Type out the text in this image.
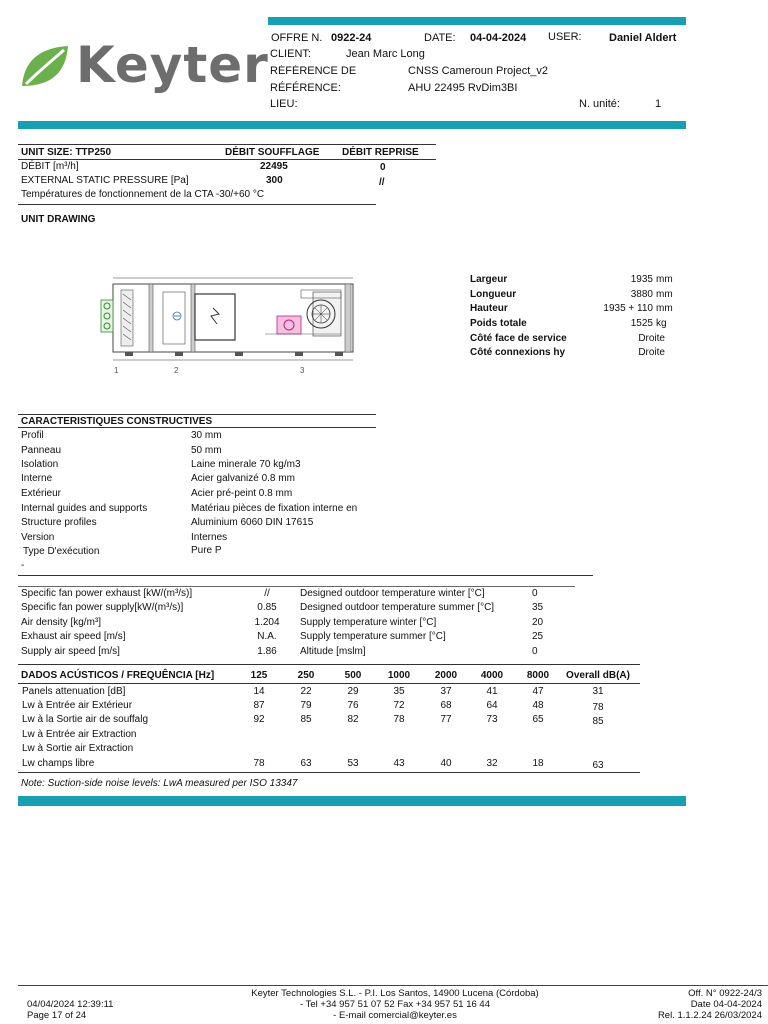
Keyter OFFRE N. 0922-24	DATE: 04-04-2024 USER: Daniel Aldert
CLIENT:	Jean Marc Long
RÉFÉRENCE DE	CNSS Cameroun Project_v2
RÉFÉRENCE:	AHU 22495 RvDim3BI
LIEU:	N. unité:	1
UNIT SIZE: TTP250	DÉBIT SOUFFLAGE DÉBIT REPRISE
DÉBIT [m³/h]	22495	0
EXTERNAL STATIC PRESSURE [Pa]	300	//
Températures de fonctionnement de la CTA -30/+60 °C
UNIT DRAWING
1	2	3
Largeur	1935 mm
Longueur	3880 mm
Hauteur	1935 + 110 mm
Poids totale	1525 kg
Côté face de service	Droite
Côté connexions hy	Droite
CARACTERISTIQUES CONSTRUCTIVES
Profil	30 mm
Panneau	50 mm
Isolation	Laine minerale 70 kg/m3
Interne	Acier galvanizé 0.8 mm
Extérieur	Acier pré-peint 0.8 mm
Internal guides and supports	Matériau pièces de fixation interne en
Structure profiles	Aluminium 6060 DIN 17615
Version	Internes
Type D'exécution	Pure P
-
Specific fan power exhaust [kW/(m³/s)]	//	Designed outdoor temperature winter [°C]	0
Specific fan power supply[kW/(m³/s)]	0.85	Designed outdoor temperature summer [°C]	35
Air density [kg/m³]	1.204	Supply temperature winter [°C]	20
Exhaust air speed [m/s]	N.A.	Supply temperature summer [°C]	25
Supply air speed [m/s]	1.86	Altitude [mslm]	0
DADOS ACÚSTICOS / FREQUÊNCIA [Hz]	125	250	500	1000	2000	4000	8000	Overall dB(A)
Panels attenuation [dB]	14	22	29	35	37	41	47	31
Lw à Entrée air Extérieur	87	79	76	72	68	64	48	78
Lw à la Sortie air de souffalg	92	85	82	78	77	73	65	85
Lw à Entrée air Extraction
Lw à Sortie air Extraction
Lw champs libre	78	63	53	43	40	32	18	63
Note: Suction-side noise levels: LwA measured per ISO 13347
04/04/2024 12:39:11
Page 17 of 24
Keyter Technologies S.L. - P.I. Los Santos, 14900 Lucena (Córdoba)
- Tel +34 957 51 07 52 Fax +34 957 51 16 44
- E-mail comercial@keyter.es
Off. N° 0922-24/3
Date 04-04-2024
Rel. 1.1.2.24 26/03/2024
